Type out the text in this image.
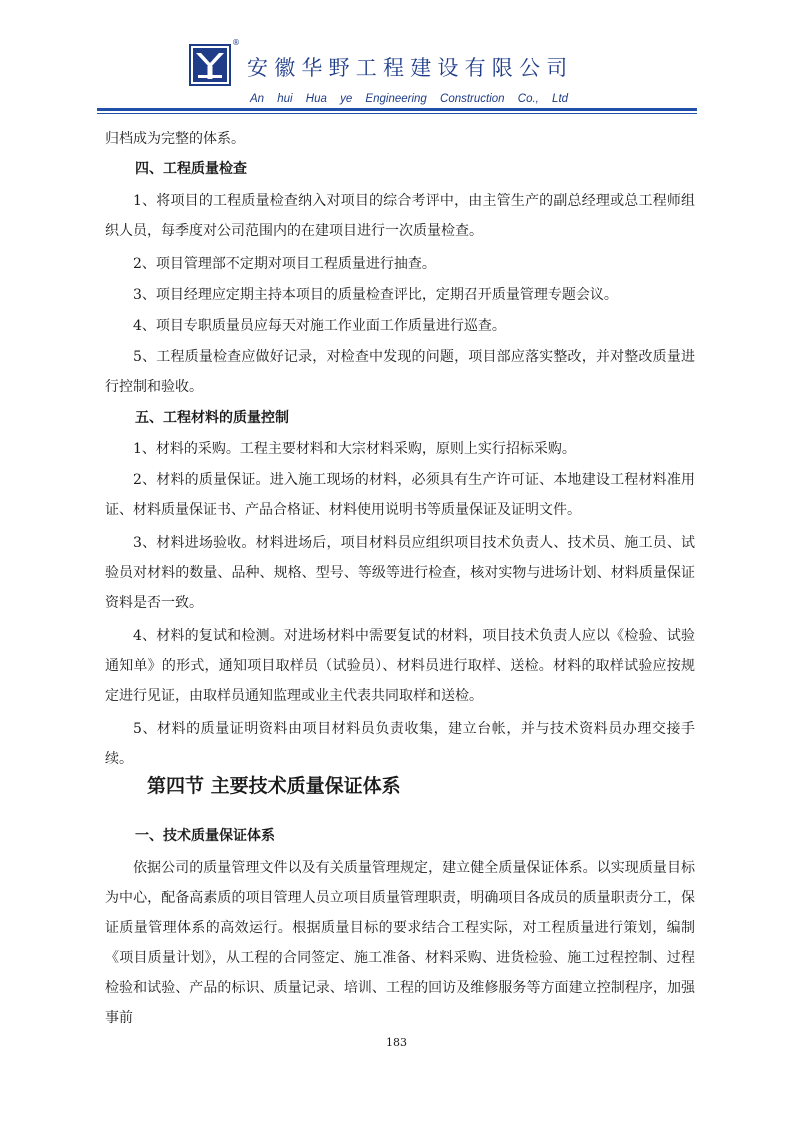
®
安徽华野工程建设有限公司
An hui Hua ye Engineering Construction Co., Ltd

归档成为完整的体系。

四、工程质量检查

1、将项目的工程质量检查纳入对项目的综合考评中，由主管生产的副总经理或总工程师组织人员，每季度对公司范围内的在建项目进行一次质量检查。

2、项目管理部不定期对项目工程质量进行抽查。

3、项目经理应定期主持本项目的质量检查评比，定期召开质量管理专题会议。

4、项目专职质量员应每天对施工作业面工作质量进行巡查。

5、工程质量检查应做好记录，对检查中发现的问题，项目部应落实整改，并对整改质量进行控制和验收。

五、工程材料的质量控制

1、材料的采购。工程主要材料和大宗材料采购，原则上实行招标采购。

2、材料的质量保证。进入施工现场的材料，必须具有生产许可证、本地建设工程材料准用证、材料质量保证书、产品合格证、材料使用说明书等质量保证及证明文件。

3、材料进场验收。材料进场后，项目材料员应组织项目技术负责人、技术员、施工员、试验员对材料的数量、品种、规格、型号、等级等进行检查，核对实物与进场计划、材料质量保证资料是否一致。

4、材料的复试和检测。对进场材料中需要复试的材料，项目技术负责人应以《检验、试验通知单》的形式，通知项目取样员（试验员）、材料员进行取样、送检。材料的取样试验应按规定进行见证，由取样员通知监理或业主代表共同取样和送检。

5、材料的质量证明资料由项目材料员负责收集，建立台帐，并与技术资料员办理交接手续。

第四节 主要技术质量保证体系
一、技术质量保证体系

依据公司的质量管理文件以及有关质量管理规定，建立健全质量保证体系。以实现质量目标为中心，配备高素质的项目管理人员立项目质量管理职责，明确项目各成员的质量职责分工，保证质量管理体系的高效运行。根据质量目标的要求结合工程实际，对工程质量进行策划，编制《项目质量计划》，从工程的合同签定、施工准备、材料采购、进货检验、施工过程控制、过程检验和试验、产品的标识、质量记录、培训、工程的回访及维修服务等方面建立控制程序，加强事前

183
